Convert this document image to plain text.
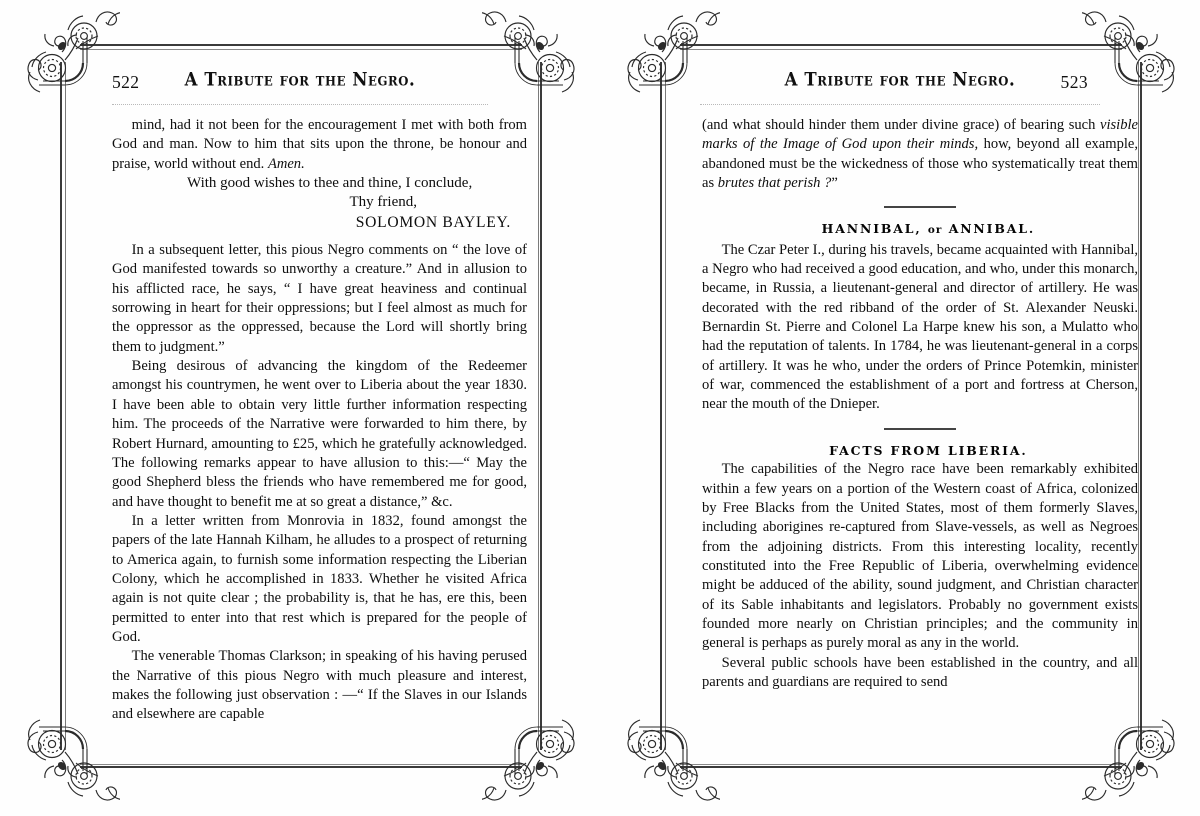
522	A Tribute for the Negro.

mind, had it not been for the encouragement I met with both from God and man. Now to him that sits upon the throne, be honour and praise, world without end. Amen.

With good wishes to thee and thine, I conclude,

Thy friend,

SOLOMON BAYLEY.

In a subsequent letter, this pious Negro comments on “ the love of God manifested towards so unworthy a creature.” And in allusion to his afflicted race, he says, “ I have great heaviness and continual sorrowing in heart for their oppressions; but I feel almost as much for the oppressor as the oppressed, because the Lord will shortly bring them to judgment.”

Being desirous of advancing the kingdom of the Redeemer amongst his countrymen, he went over to Liberia about the year 1830. I have been able to obtain very little further information respecting him. The proceeds of the Narrative were forwarded to him there, by Robert Hurnard, amounting to £25, which he gratefully acknowledged. The following remarks appear to have allusion to this:—“ May the good Shepherd bless the friends who have remembered me for good, and have thought to benefit me at so great a distance,” &c.

In a letter written from Monrovia in 1832, found amongst the papers of the late Hannah Kilham, he alludes to a prospect of returning to America again, to furnish some information respecting the Liberian Colony, which he accomplished in 1833. Whether he visited Africa again is not quite clear ; the probability is, that he has, ere this, been permitted to enter into that rest which is prepared for the people of God.

The venerable Thomas Clarkson; in speaking of his having perused the Narrative of this pious Negro with much pleasure and interest, makes the following just observation : —“ If the Slaves in our Islands and elsewhere are capable

A Tribute for the Negro.	523

(and what should hinder them under divine grace) of bearing such visible marks of the Image of God upon their minds, how, beyond all example, abandoned must be the wickedness of those who systematically treat them as brutes that perish ?”

HANNIBAL, or ANNIBAL.

The Czar Peter I., during his travels, became acquainted with Hannibal, a Negro who had received a good education, and who, under this monarch, became, in Russia, a lieutenant-general and director of artillery. He was decorated with the red ribband of the order of St. Alexander Neuski. Bernardin St. Pierre and Colonel La Harpe knew his son, a Mulatto who had the reputation of talents. In 1784, he was lieutenant-general in a corps of artillery. It was he who, under the orders of Prince Potemkin, minister of war, commenced the establishment of a port and fortress at Cherson, near the mouth of the Dnieper.

FACTS FROM LIBERIA.

The capabilities of the Negro race have been remarkably exhibited within a few years on a portion of the Western coast of Africa, colonized by Free Blacks from the United States, most of them formerly Slaves, including aborigines re-captured from Slave-vessels, as well as Negroes from the adjoining districts. From this interesting locality, recently constituted into the Free Republic of Liberia, overwhelming evidence might be adduced of the ability, sound judgment, and Christian character of its Sable inhabitants and legislators. Probably no government exists founded more nearly on Christian principles; and the community in general is perhaps as purely moral as any in the world.

Several public schools have been established in the country, and all parents and guardians are required to send
